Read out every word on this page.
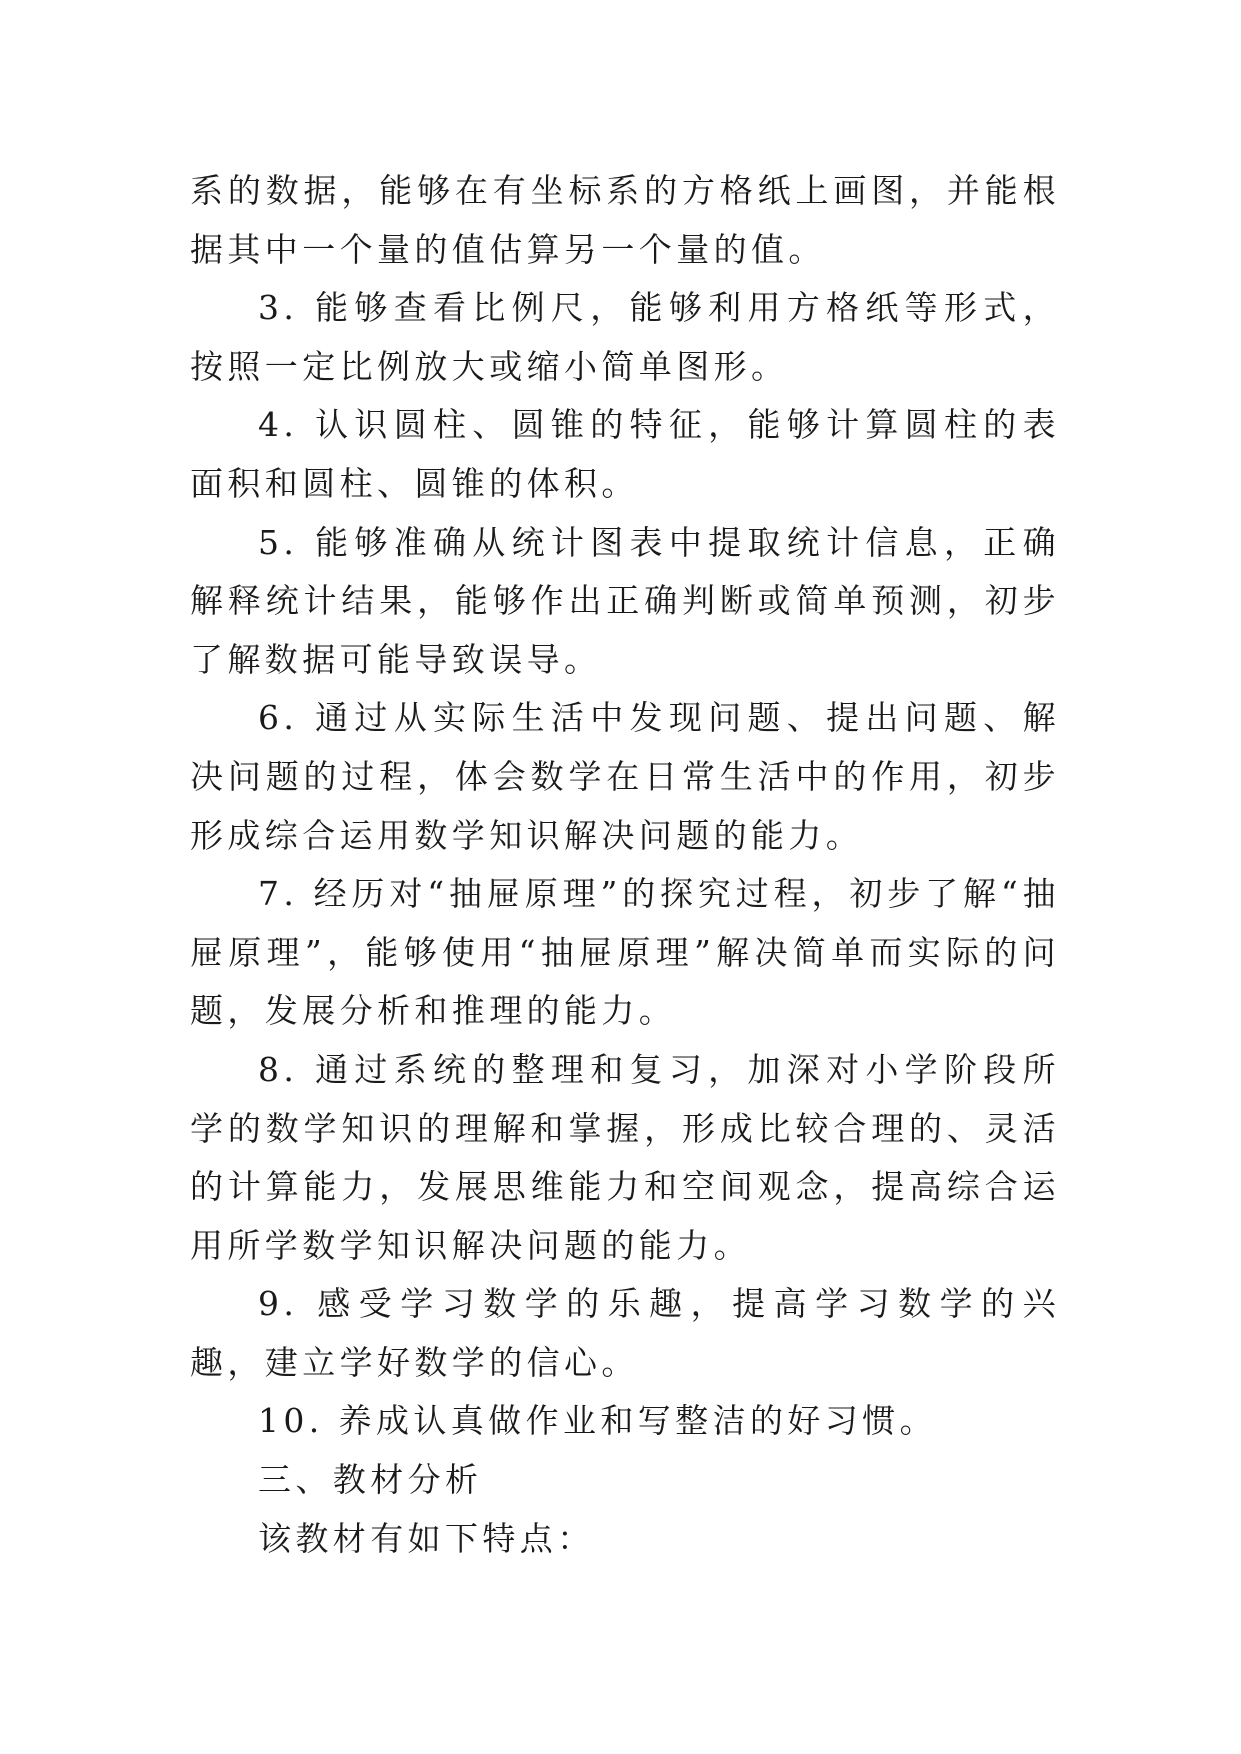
系的数据，能够在有坐标系的方格纸上画图，并能根据其中一个量的值估算另一个量的值。

3. 能够查看比例尺，能够利用方格纸等形式，按照一定比例放大或缩小简单图形。

4. 认识圆柱、圆锥的特征，能够计算圆柱的表面积和圆柱、圆锥的体积。

5. 能够准确从统计图表中提取统计信息，正确解释统计结果，能够作出正确判断或简单预测，初步了解数据可能导致误导。

6. 通过从实际生活中发现问题、提出问题、解决问题的过程，体会数学在日常生活中的作用，初步形成综合运用数学知识解决问题的能力。

7. 经历对“抽屉原理”的探究过程，初步了解“抽屉原理”，能够使用“抽屉原理”解决简单而实际的问题，发展分析和推理的能力。

8. 通过系统的整理和复习，加深对小学阶段所学的数学知识的理解和掌握，形成比较合理的、灵活的计算能力，发展思维能力和空间观念，提高综合运用所学数学知识解决问题的能力。

9. 感受学习数学的乐趣，提高学习数学的兴趣，建立学好数学的信心。

10. 养成认真做作业和写整洁的好习惯。

三、教材分析

该教材有如下特点：
